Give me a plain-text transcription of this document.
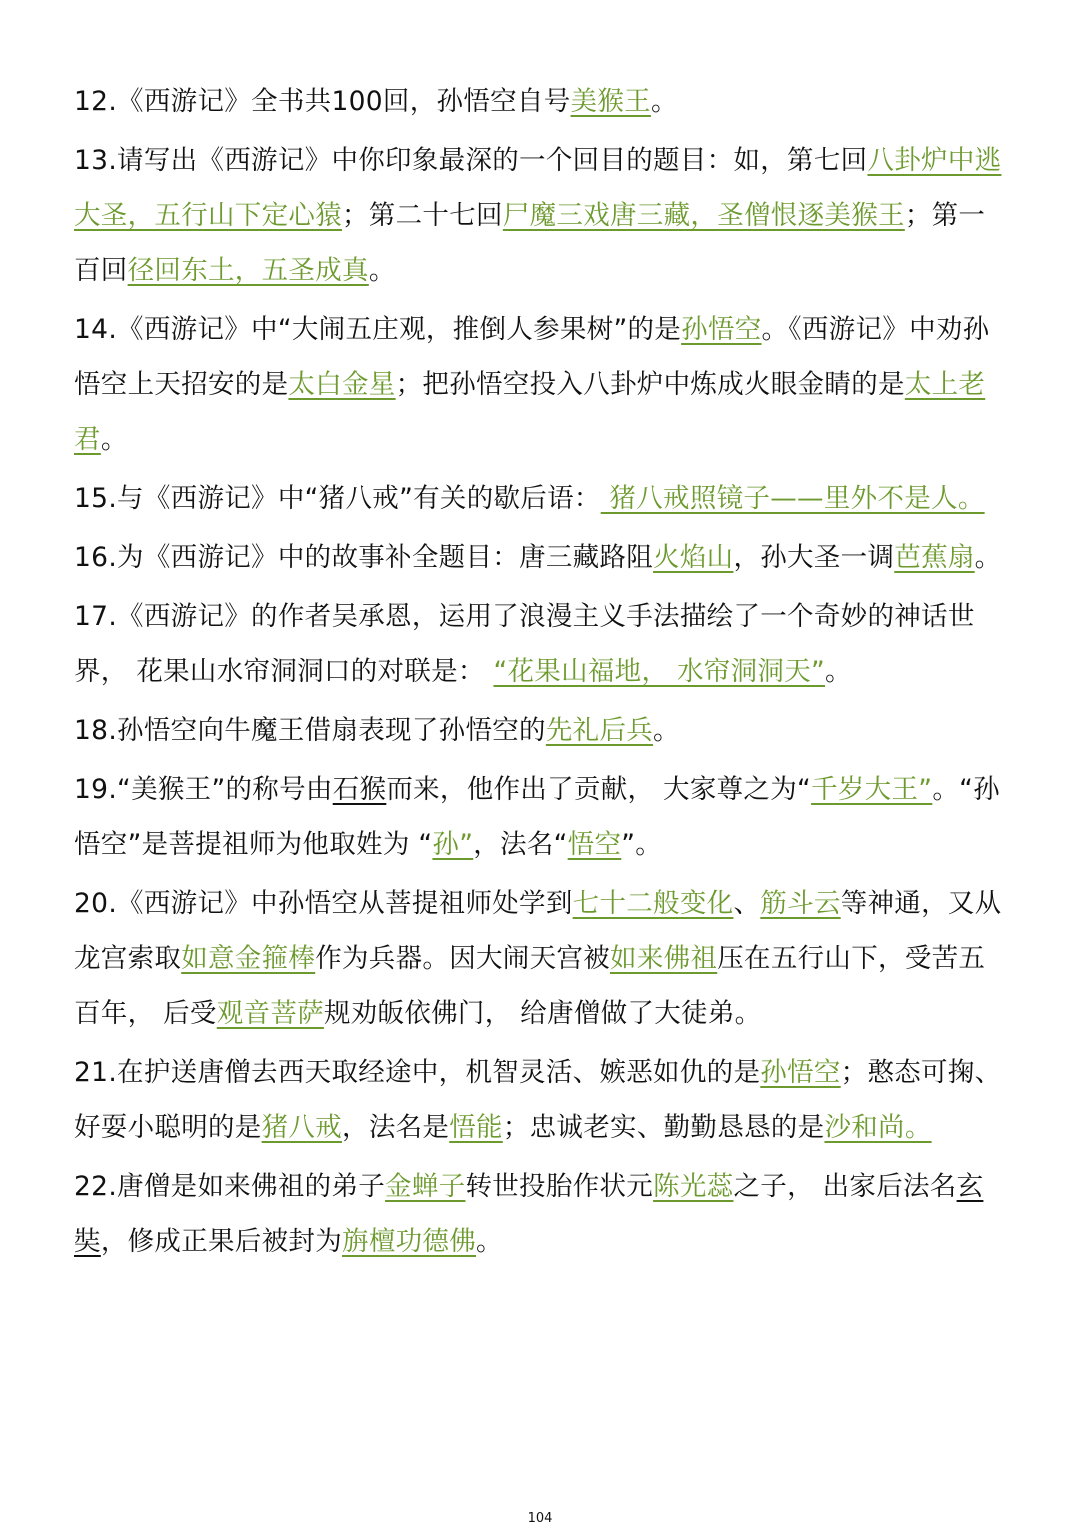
12.《西游记》全书共100回，孙悟空自号美猴王。

13.请写出《西游记》中你印象最深的一个回目的题目：如，第七回八卦炉中逃大圣，五行山下定心猿；第二十七回尸魔三戏唐三藏，圣僧恨逐美猴王；第一百回径回东土，五圣成真。

14.《西游记》中“大闹五庄观，推倒人参果树”的是孙悟空。《西游记》中劝孙悟空上天招安的是太白金星；把孙悟空投入八卦炉中炼成火眼金睛的是太上老君。

15.与《西游记》中“猪八戒”有关的歇后语： 猪八戒照镜子——里外不是人。

16.为《西游记》中的故事补全题目：唐三藏路阻火焰山，孙大圣一调芭蕉扇。

17.《西游记》的作者吴承恩，运用了浪漫主义手法描绘了一个奇妙的神话世界， 花果山水帘洞洞口的对联是： “花果山福地， 水帘洞洞天”。

18.孙悟空向牛魔王借扇表现了孙悟空的先礼后兵。

19.“美猴王”的称号由石猴而来，他作出了贡献， 大家尊之为“千岁大王”。“孙悟空”是菩提祖师为他取姓为 “孙”，法名“悟空”。

20.《西游记》中孙悟空从菩提祖师处学到七十二般变化、筋斗云等神通，又从龙宫索取如意金箍棒作为兵器。因大闹天宫被如来佛祖压在五行山下，受苦五百年， 后受观音菩萨规劝皈依佛门， 给唐僧做了大徒弟。

21.在护送唐僧去西天取经途中，机智灵活、嫉恶如仇的是孙悟空；憨态可掬、好耍小聪明的是猪八戒，法名是悟能；忠诚老实、勤勤恳恳的是沙和尚。

22.唐僧是如来佛祖的弟子金蝉子转世投胎作状元陈光蕊之子， 出家后法名玄奘，修成正果后被封为旃檀功德佛。

104
